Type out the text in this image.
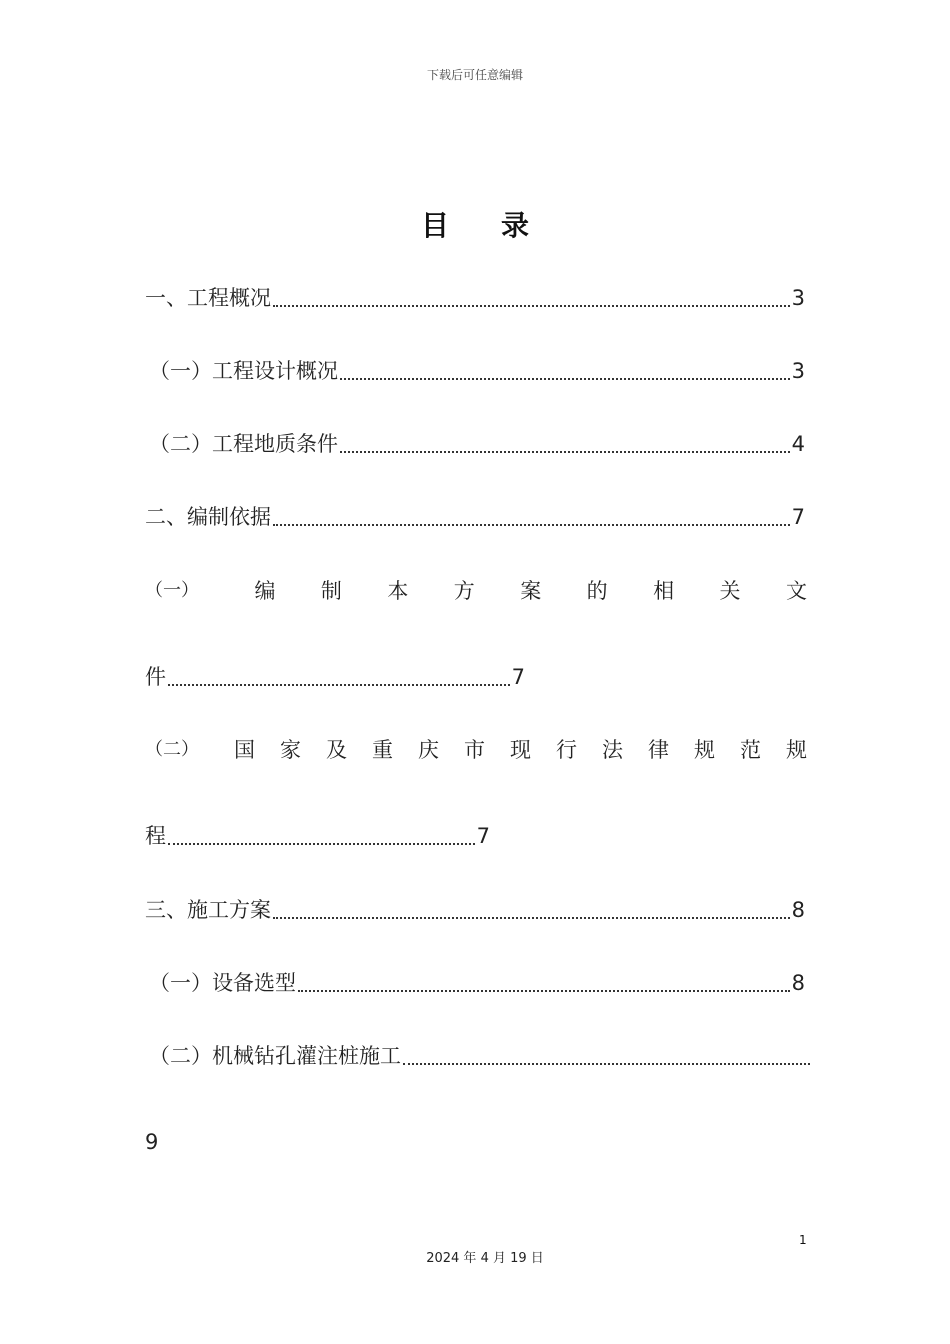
下载后可任意编辑
目录
一、工程概况	3
（一）工程设计概况	3
（二）工程地质条件	4
二、编制依据	7
（一）	编 制 本 方 案 的 相 关 文
件	7
（二） 国 家 及 重 庆 市 现 行 法 律 规 范 规
程	7
三、施工方案	8
（一）设备选型	8
（二）机械钻孔灌注桩施工
9
1
2024 年 4 月 19 日
